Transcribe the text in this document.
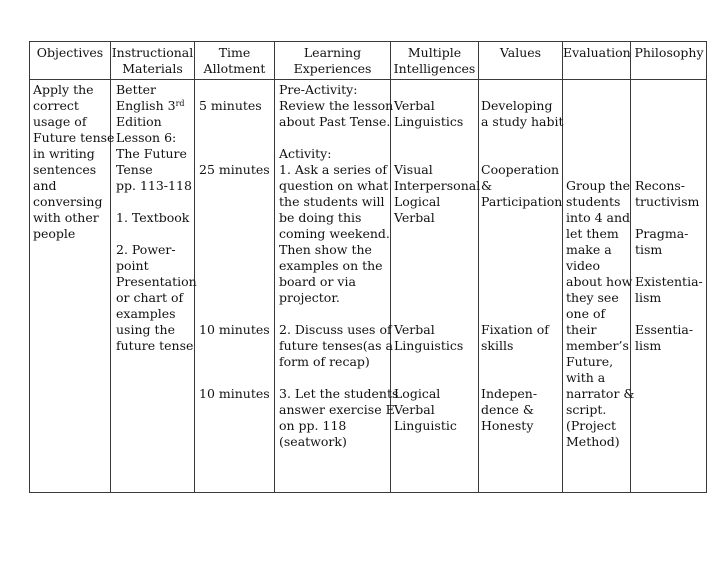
Objectives Instructional
Materials
Time
Allotment
Learning
Experiences
Multiple
Intelligences
Values	Evaluation Philosophy
Apply the
correct
usage of
Future tense
in writing
sentences
and
conversing
with other
people
Better
English 3rd
Edition
Lesson 6:
The Future
Tense
pp. 113-118
1. Textbook
2. Power-
point
Presentation
or chart of
examples
using the
future tense
5 minutes
25 minutes
10 minutes
10 minutes
Pre-Activity:
Review the lesson
about Past Tense.
Activity:
1. Ask a series of
question on what
the students will
be doing this
coming weekend.
Then show the
examples on the
board or via
projector.
2. Discuss uses of
future tenses(as a
form of recap)
3. Let the students
answer exercise E
on pp. 118
(seatwork)
Verbal
Linguistics
Visual
Interpersonal
Logical
Verbal
Verbal
Linguistics
Logical
Verbal
Linguistic
Developing
a study habit
Cooperation
&
Participation
Fixation of
skills
Indepen-
dence &
Honesty
Group the
students
into 4 and
let them
make a
video
about how
they see
one of
their
member’s
Future,
with a
narrator &
script.
(Project
Method)
Recons-
tructivism
Pragma-
tism
Existentia-
lism
Essentia-
lism
